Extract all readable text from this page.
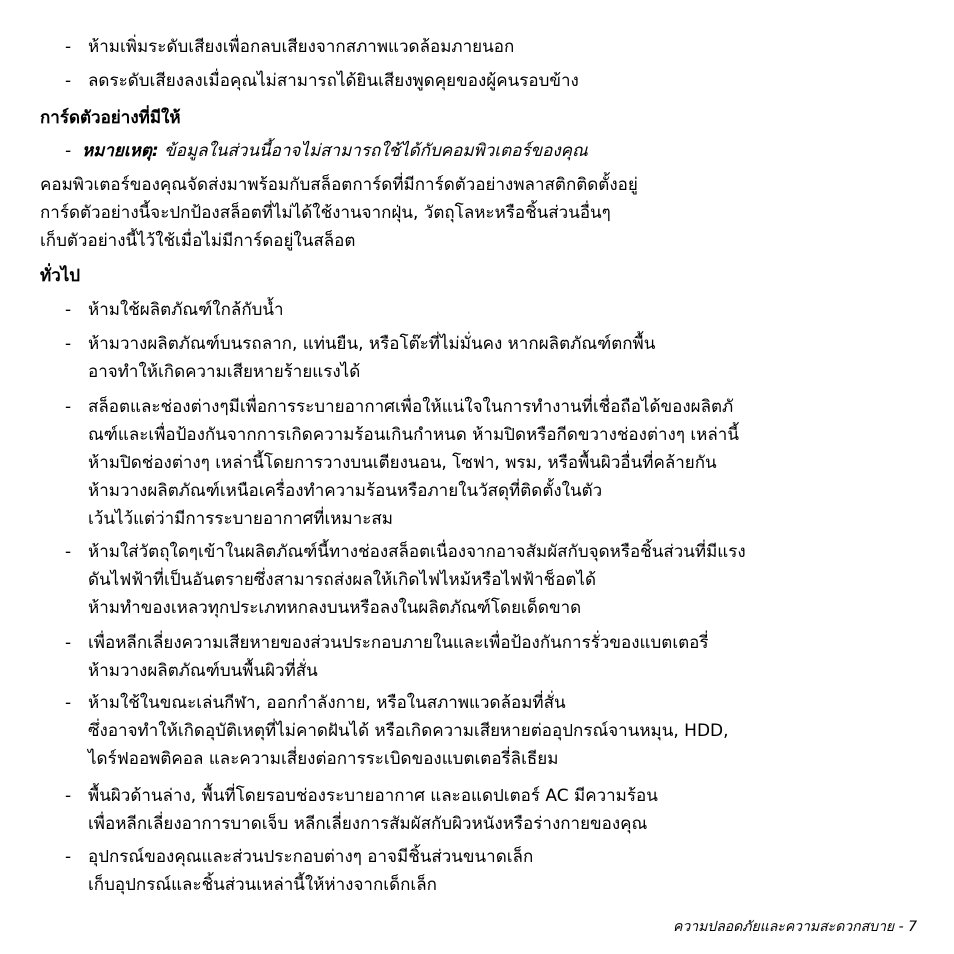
- ห้ามเพิ่มระดับเสียงเพื่อกลบเสียงจากสภาพแวดล้อมภายนอก
- ลดระดับเสียงลงเมื่อคุณไม่สามารถได้ยินเสียงพูดคุยของผู้คนรอบข้าง
การ์ดตัวอย่างที่มีให้
- หมายเหตุ: ข้อมูลในส่วนนี้อาจไม่สามารถใช้ได้กับคอมพิวเตอร์ของคุณ
คอมพิวเตอร์ของคุณจัดส่งมาพร้อมกับสล็อตการ์ดที่มีการ์ดตัวอย่างพลาสติกติดตั้งอยู่
การ์ดตัวอย่างนี้จะปกป้องสล็อตที่ไม่ได้ใช้งานจากฝุ่น, วัตถุโลหะหรือชิ้นส่วนอื่นๆ
เก็บตัวอย่างนี้ไว้ใช้เมื่อไม่มีการ์ดอยู่ในสล็อต
ทั่วไป
- ห้ามใช้ผลิตภัณฑ์ใกล้กับน้ำ
- ห้ามวางผลิตภัณฑ์บนรถลาก, แท่นยืน, หรือโต๊ะที่ไม่มั่นคง หากผลิตภัณฑ์ตกพื้น
อาจทำให้เกิดความเสียหายร้ายแรงได้
- สล็อตและช่องต่างๆมีเพื่อการระบายอากาศเพื่อให้แน่ใจในการทำงานที่เชื่อถือได้ของผลิตภั
ณฑ์และเพื่อป้องกันจากการเกิดความร้อนเกินกำหนด ห้ามปิดหรือกีดขวางช่องต่างๆ เหล่านี้
ห้ามปิดช่องต่างๆ เหล่านี้โดยการวางบนเตียงนอน, โซฟา, พรม, หรือพื้นผิวอื่นที่คล้ายกัน
ห้ามวางผลิตภัณฑ์เหนือเครื่องทำความร้อนหรือภายในวัสดุที่ติดตั้งในตัว
เว้นไว้แต่ว่ามีการระบายอากาศที่เหมาะสม
- ห้ามใส่วัตถุใดๆเข้าในผลิตภัณฑ์นี้ทางช่องสล็อตเนื่องจากอาจสัมผัสกับจุดหรือชิ้นส่วนที่มีแรง
ดันไฟฟ้าที่เป็นอันตรายซึ่งสามารถส่งผลให้เกิดไฟไหม้หรือไฟฟ้าช็อตได้
ห้ามทำของเหลวทุกประเภทหกลงบนหรือลงในผลิตภัณฑ์โดยเด็ดขาด
- เพื่อหลีกเลี่ยงความเสียหายของส่วนประกอบภายในและเพื่อป้องกันการรั่วของแบตเตอรี่
ห้ามวางผลิตภัณฑ์บนพื้นผิวที่สั่น
- ห้ามใช้ในขณะเล่นกีฬา, ออกกำลังกาย, หรือในสภาพแวดล้อมที่สั่น
ซึ่งอาจทำให้เกิดอุบัติเหตุที่ไม่คาดฝันได้ หรือเกิดความเสียหายต่ออุปกรณ์จานหมุน, HDD,
ไดร์ฟออพติคอล และความเสี่ยงต่อการระเบิดของแบตเตอรี่ลิเธียม
- พื้นผิวด้านล่าง, พื้นที่โดยรอบช่องระบายอากาศ และอแดปเตอร์ AC มีความร้อน
เพื่อหลีกเลี่ยงอาการบาดเจ็บ หลีกเลี่ยงการสัมผัสกับผิวหนังหรือร่างกายของคุณ
- อุปกรณ์ของคุณและส่วนประกอบต่างๆ อาจมีชิ้นส่วนขนาดเล็ก
เก็บอุปกรณ์และชิ้นส่วนเหล่านี้ให้ห่างจากเด็กเล็ก
ความปลอดภัยและความสะดวกสบาย - 7
